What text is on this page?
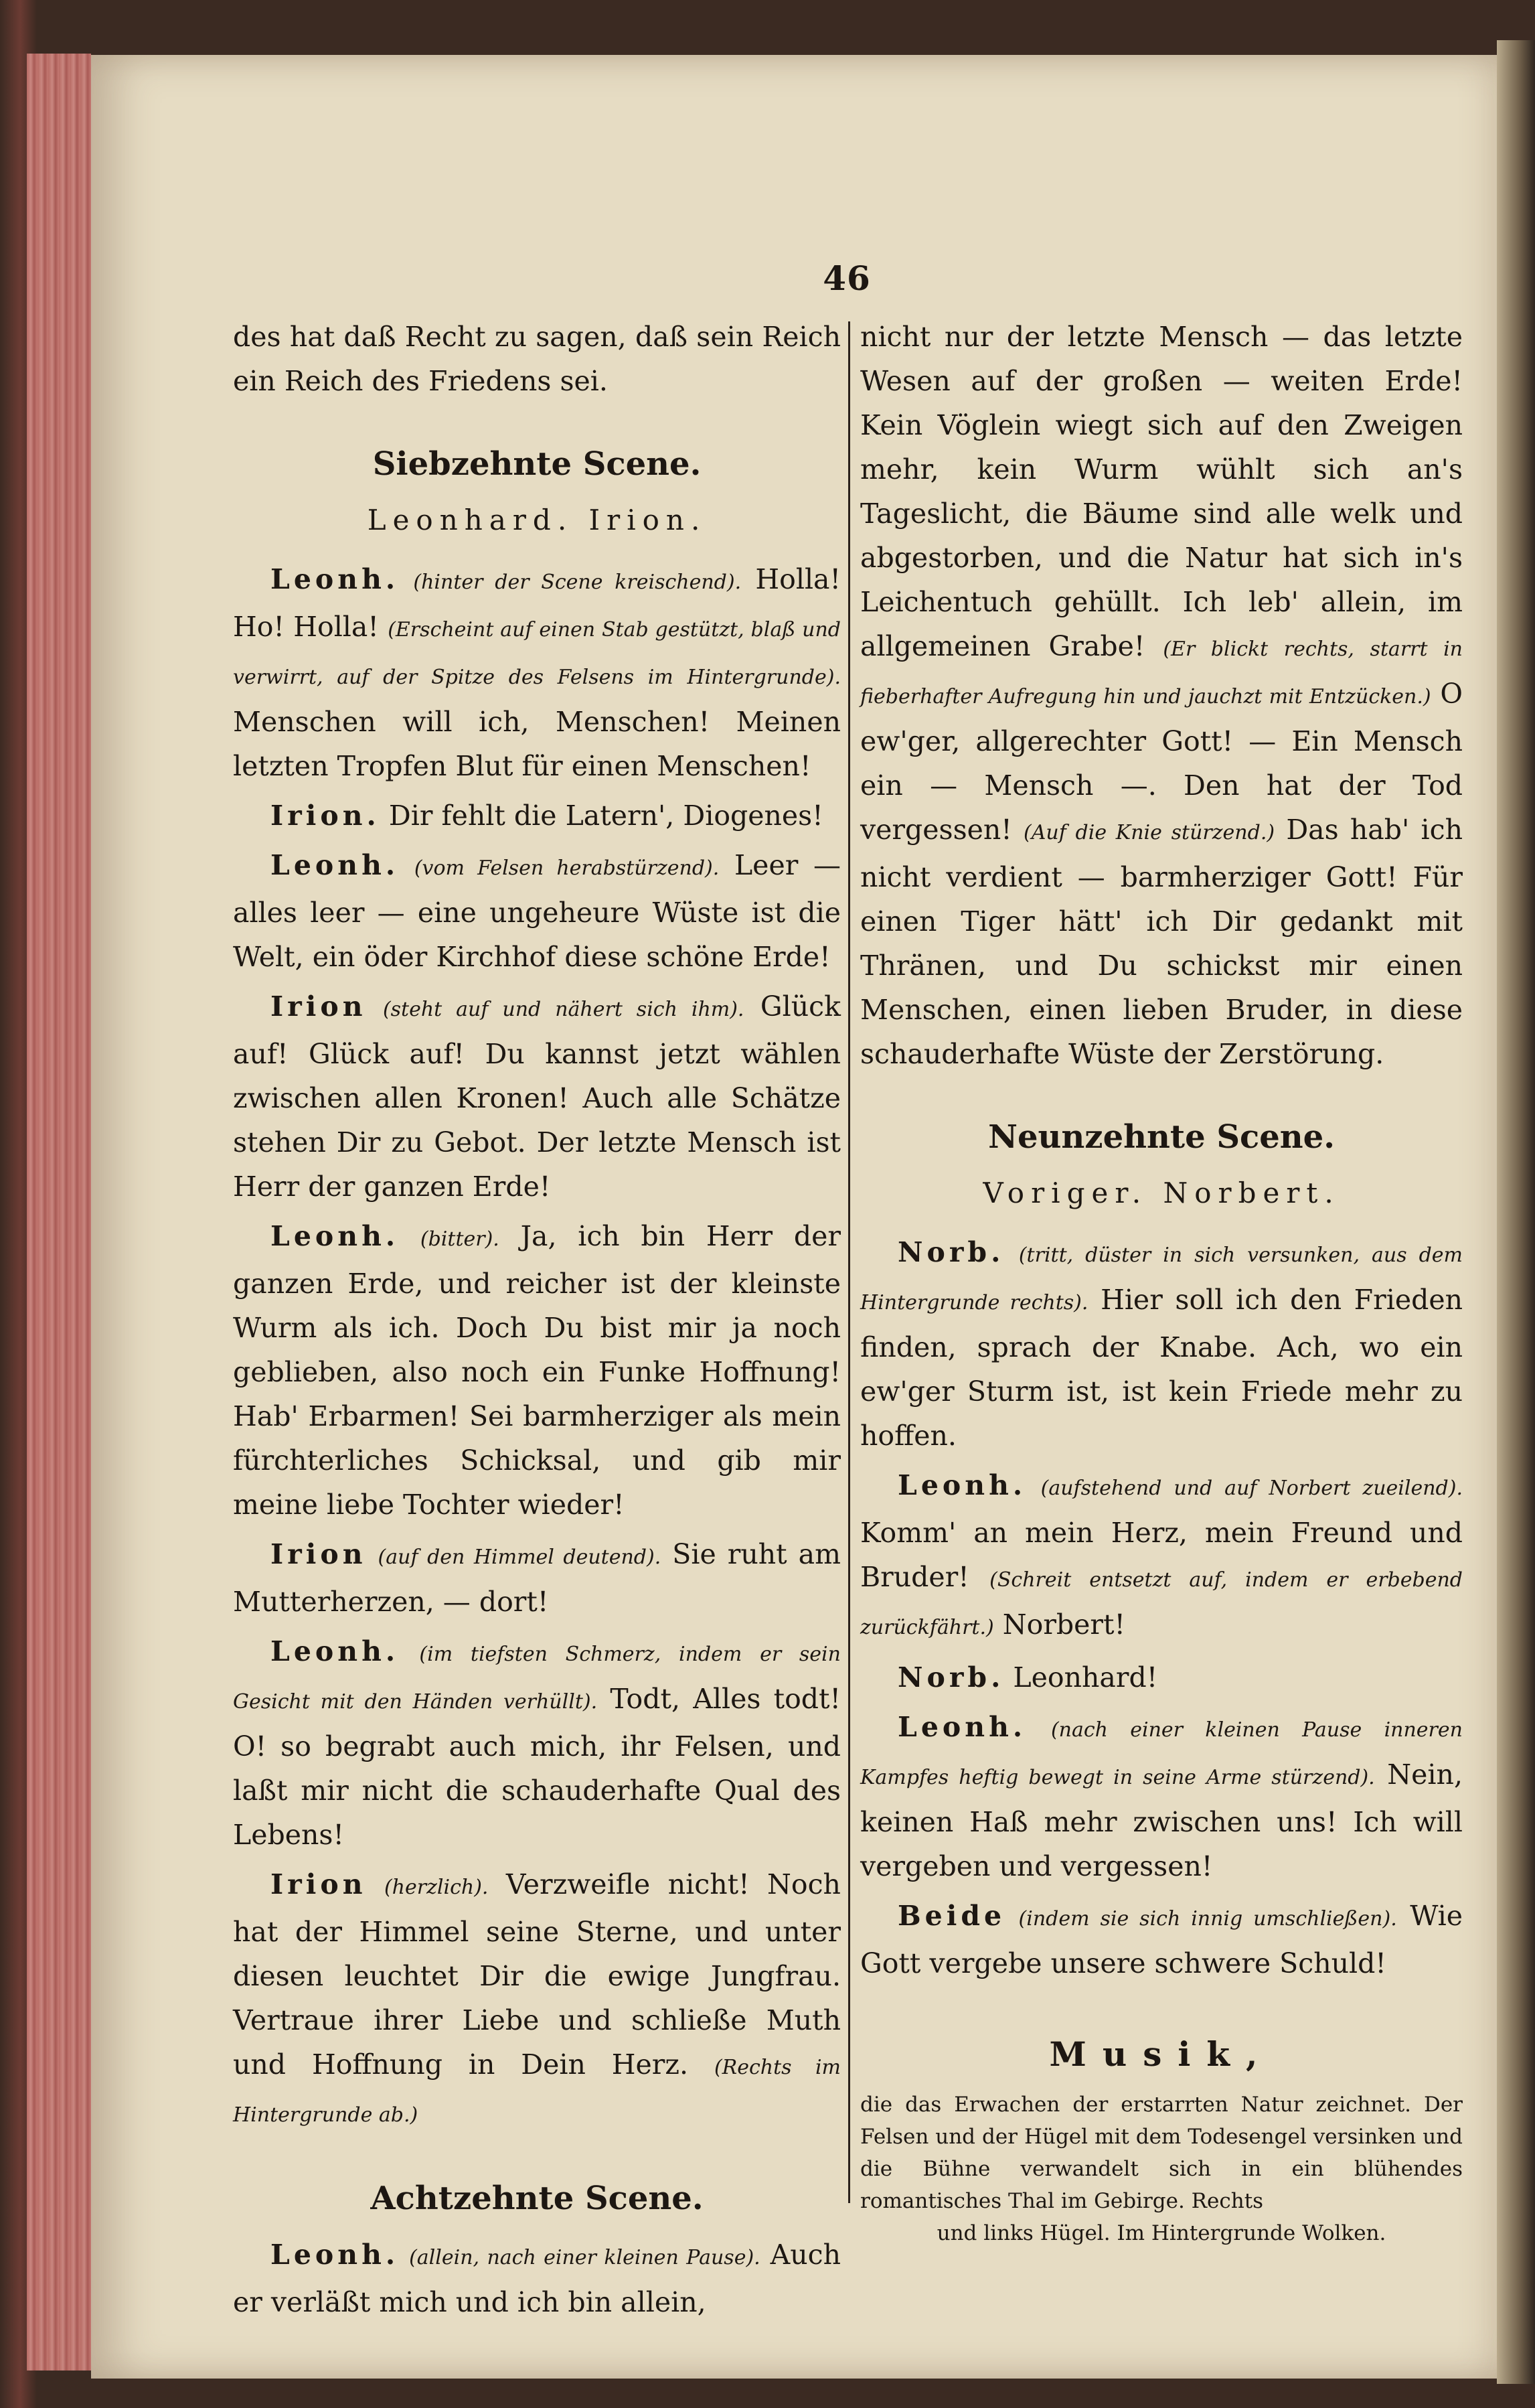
46

des hat daß Recht zu sagen, daß sein Reich ein Reich des Friedens sei.

Siebzehnte Scene.
Leonhard. Irion.

Leonh. (hinter der Scene kreischend). Holla! Ho! Holla! (Erscheint auf einen Stab gestützt, blaß und verwirrt, auf der Spitze des Felsens im Hintergrunde). Menschen will ich, Menschen! Meinen letzten Tropfen Blut für einen Menschen!

Irion. Dir fehlt die Latern', Diogenes!

Leonh. (vom Felsen herabstürzend). Leer — alles leer — eine ungeheure Wüste ist die Welt, ein öder Kirchhof diese schöne Erde!

Irion (steht auf und nähert sich ihm). Glück auf! Glück auf! Du kannst jetzt wählen zwischen allen Kronen! Auch alle Schätze stehen Dir zu Gebot. Der letzte Mensch ist Herr der ganzen Erde!

Leonh. (bitter). Ja, ich bin Herr der ganzen Erde, und reicher ist der kleinste Wurm als ich. Doch Du bist mir ja noch geblieben, also noch ein Funke Hoffnung! Hab' Erbarmen! Sei barmherziger als mein fürchterliches Schicksal, und gib mir meine liebe Tochter wieder!

Irion (auf den Himmel deutend). Sie ruht am Mutterherzen, — dort!

Leonh. (im tiefsten Schmerz, indem er sein Gesicht mit den Händen verhüllt). Todt, Alles todt! O! so begrabt auch mich, ihr Felsen, und laßt mir nicht die schauderhafte Qual des Lebens!

Irion (herzlich). Verzweifle nicht! Noch hat der Himmel seine Sterne, und unter diesen leuchtet Dir die ewige Jungfrau. Vertraue ihrer Liebe und schließe Muth und Hoffnung in Dein Herz. (Rechts im Hintergrunde ab.)

Achtzehnte Scene.

Leonh. (allein, nach einer kleinen Pause). Auch er verläßt mich und ich bin allein,

nicht nur der letzte Mensch — das letzte Wesen auf der großen — weiten Erde! Kein Vöglein wiegt sich auf den Zweigen mehr, kein Wurm wühlt sich an's Tageslicht, die Bäume sind alle welk und abgestorben, und die Natur hat sich in's Leichentuch gehüllt. Ich leb' allein, im allgemeinen Grabe! (Er blickt rechts, starrt in fieberhafter Aufregung hin und jauchzt mit Entzücken.) O ew'ger, allgerechter Gott! — Ein Mensch ein — Mensch —. Den hat der Tod vergessen! (Auf die Knie stürzend.) Das hab' ich nicht verdient — barmherziger Gott! Für einen Tiger hätt' ich Dir gedankt mit Thränen, und Du schickst mir einen Menschen, einen lieben Bruder, in diese schauderhafte Wüste der Zerstörung.

Neunzehnte Scene.
Voriger. Norbert.

Norb. (tritt, düster in sich versunken, aus dem Hintergrunde rechts). Hier soll ich den Frieden finden, sprach der Knabe. Ach, wo ein ew'ger Sturm ist, ist kein Friede mehr zu hoffen.

Leonh. (aufstehend und auf Norbert zueilend). Komm' an mein Herz, mein Freund und Bruder! (Schreit entsetzt auf, indem er erbebend zurückfährt.) Norbert!

Norb. Leonhard!

Leonh. (nach einer kleinen Pause inneren Kampfes heftig bewegt in seine Arme stürzend). Nein, keinen Haß mehr zwischen uns! Ich will vergeben und vergessen!

Beide (indem sie sich innig umschließen). Wie Gott vergebe unsere schwere Schuld!

Musik,

die das Erwachen der erstarrten Natur zeichnet. Der Felsen und der Hügel mit dem Todesengel versinken und die Bühne verwandelt sich in ein blühendes romantisches Thal im Gebirge. Rechts

und links Hügel. Im Hintergrunde Wolken.
